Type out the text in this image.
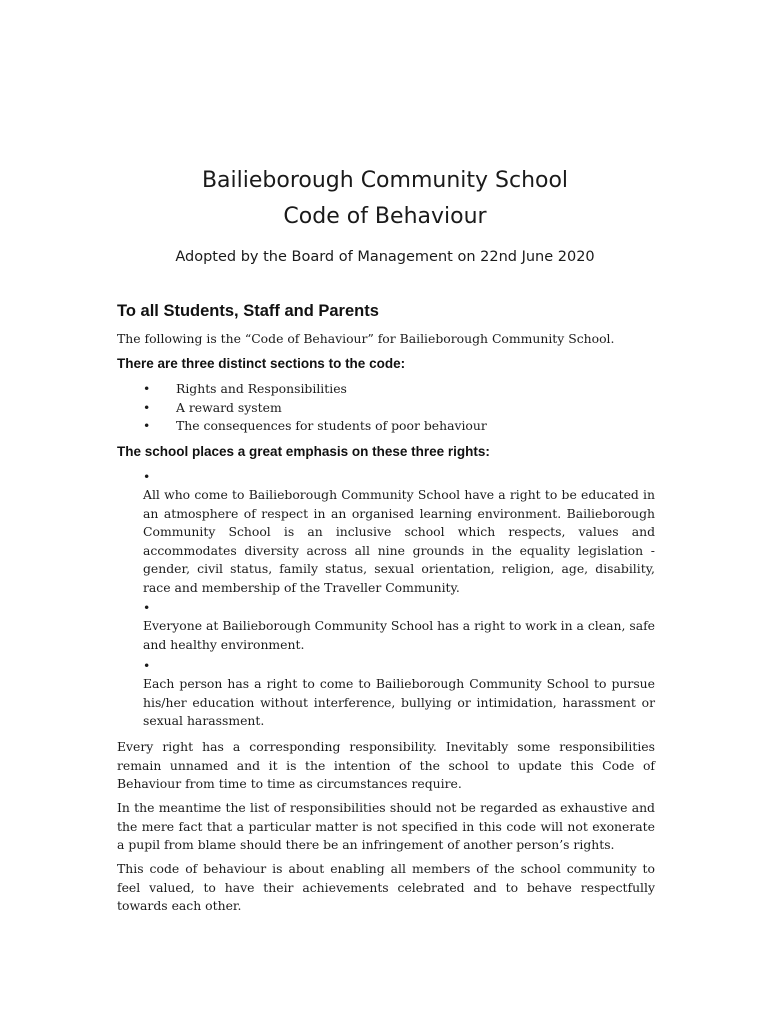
Bailieborough Community School
Code of Behaviour
Adopted by the Board of Management on 22nd June 2020
To all Students, Staff and Parents
The following is the “Code of Behaviour” for Bailieborough Community School.
There are three distinct sections to the code:
• Rights and Responsibilities
• A reward system
• The consequences for students of poor behaviour
The school places a great emphasis on these three rights:
•
All who come to Bailieborough Community School have a right to be educated in an atmosphere of respect in an organised learning environment. Bailieborough Community School is an inclusive school which respects, values and accommodates diversity across all nine grounds in the equality legislation - gender, civil status, family status, sexual orientation, religion, age, disability, race and membership of the Traveller Community.
•
Everyone at Bailieborough Community School has a right to work in a clean, safe and healthy environment.
•
Each person has a right to come to Bailieborough Community School to pursue his/her education without interference, bullying or intimidation, harassment or sexual harassment.
Every right has a corresponding responsibility. Inevitably some responsibilities remain unnamed and it is the intention of the school to update this Code of Behaviour from time to time as circumstances require.
In the meantime the list of responsibilities should not be regarded as exhaustive and the mere fact that a particular matter is not specified in this code will not exonerate a pupil from blame should there be an infringement of another person’s rights.
This code of behaviour is about enabling all members of the school community to feel valued, to have their achievements celebrated and to behave respectfully towards each other.
